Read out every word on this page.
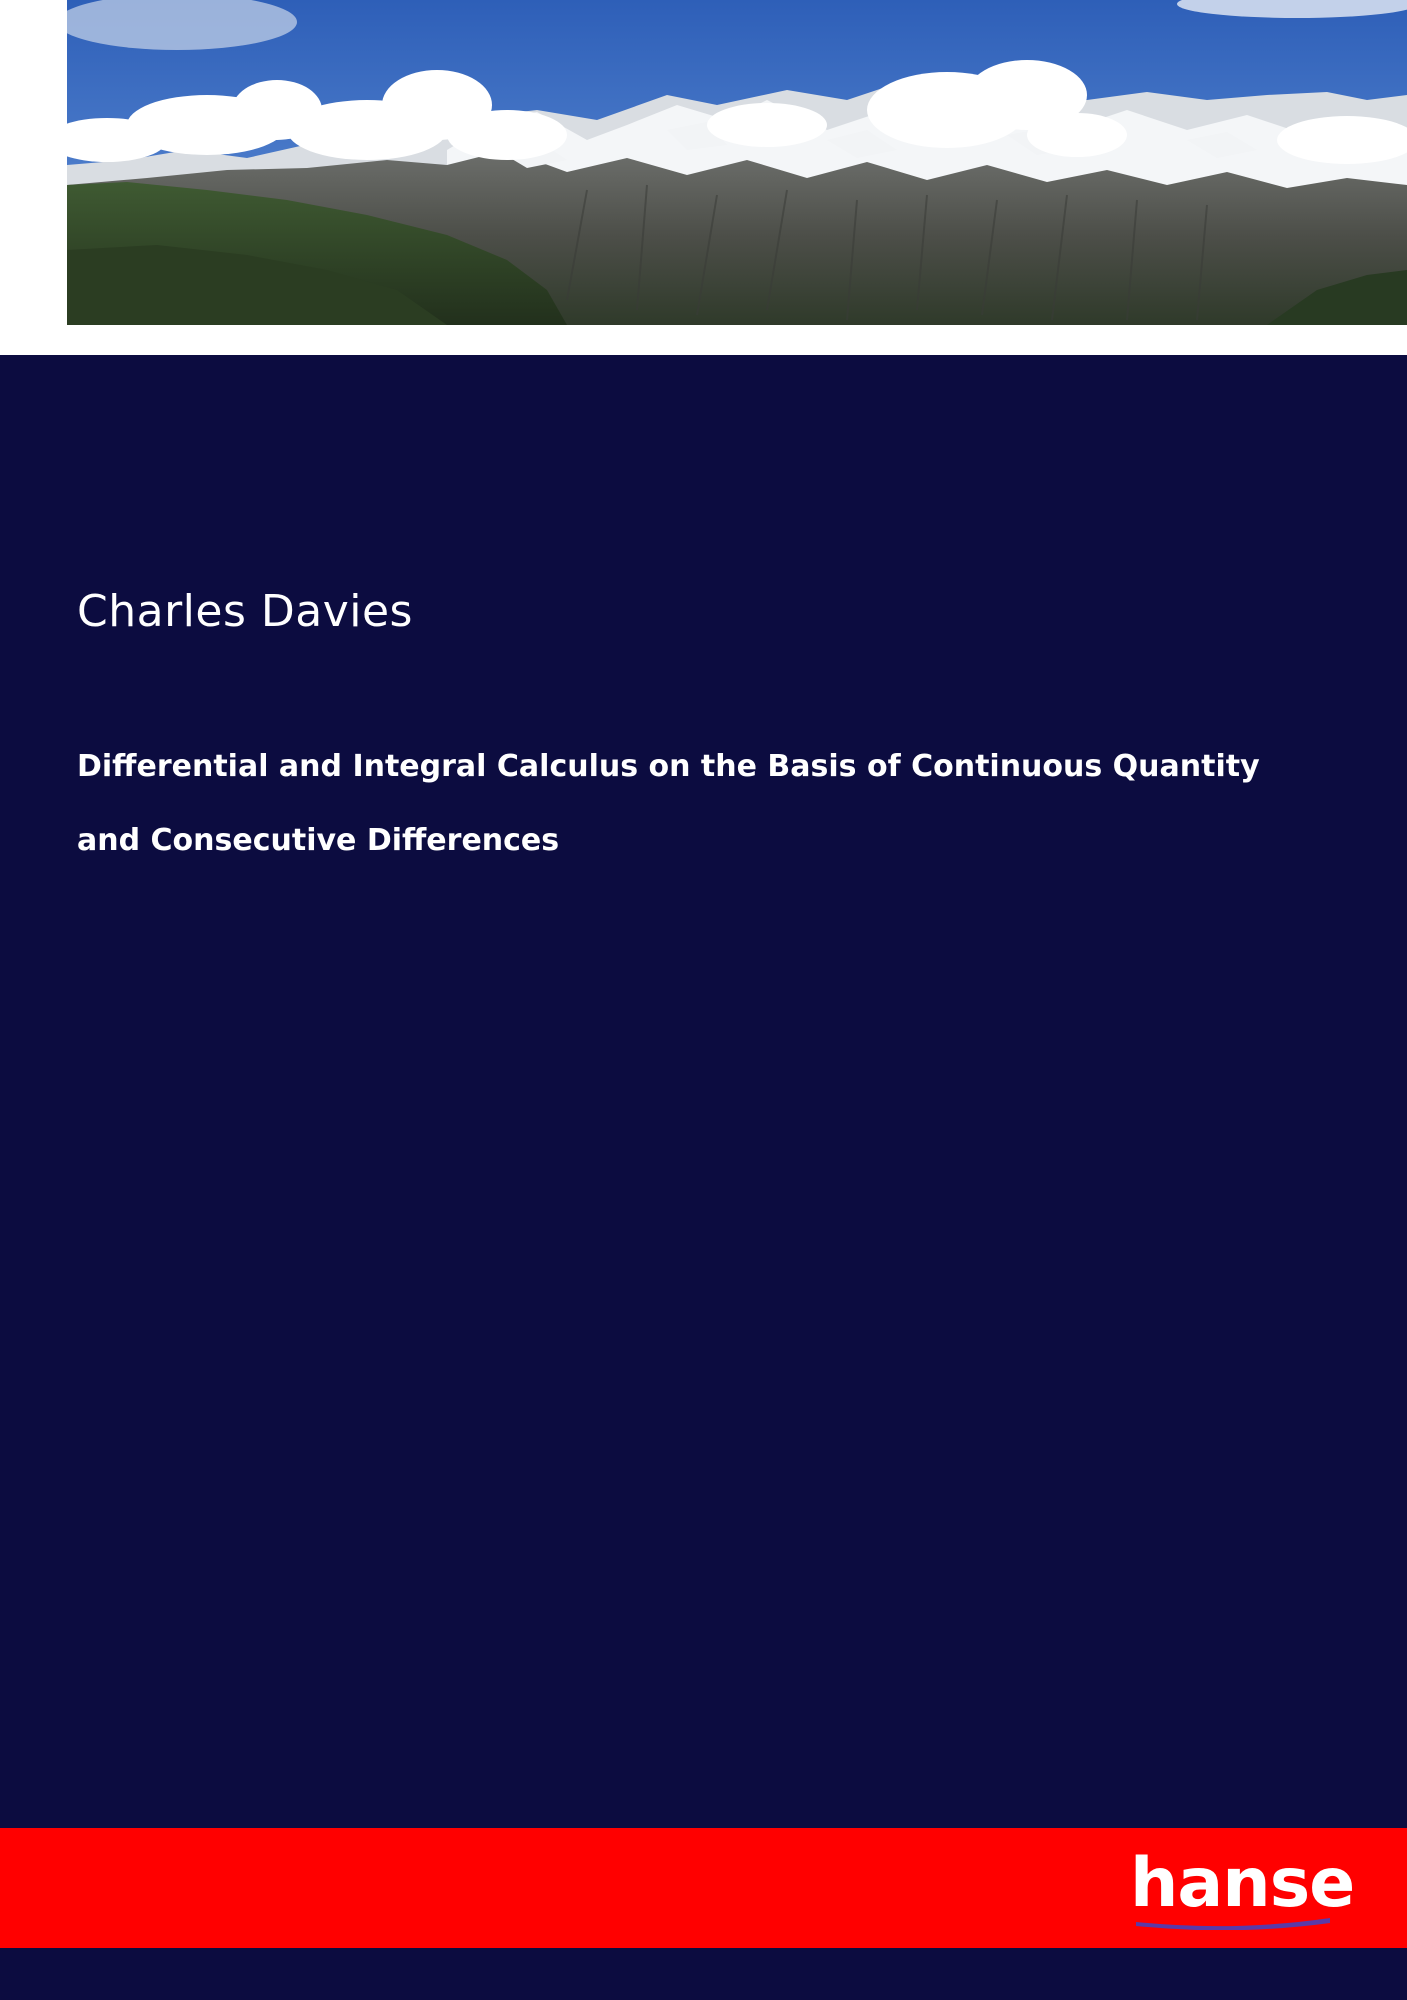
Charles Davies
Differential and Integral Calculus on the Basis of Continuous Quantity and Consecutive Differences
hanse
